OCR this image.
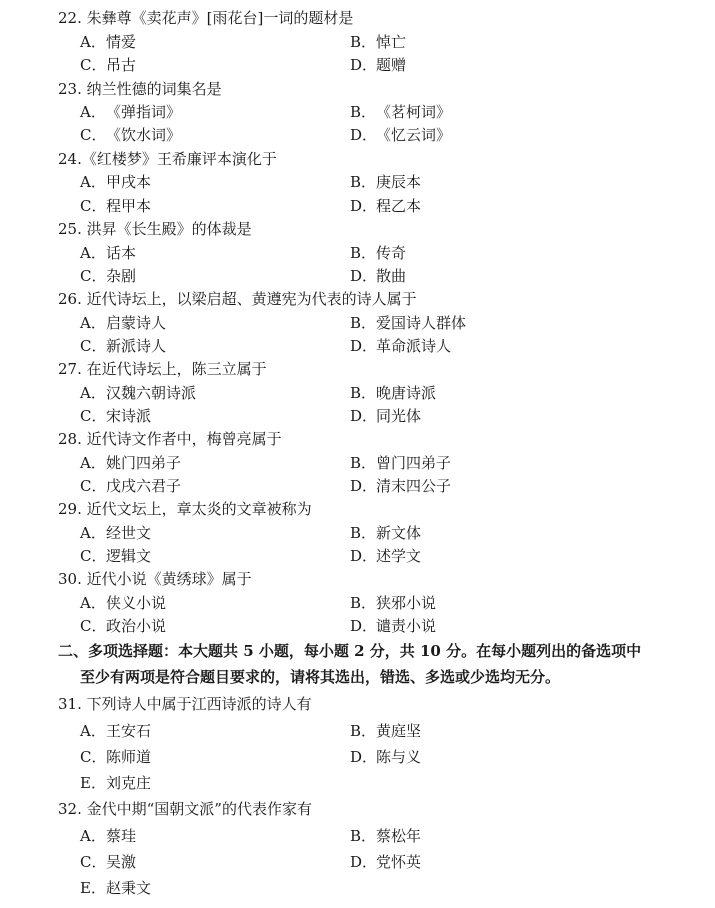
22. 朱彝尊《卖花声》[雨花台]一词的题材是
A．情爱	B．悼亡
C．吊古	D．题赠
23. 纳兰性德的词集名是
A．《弹指词》	B．《茗柯词》
C．《饮水词》	D．《忆云词》
24.《红楼梦》王希廉评本演化于
A．甲戌本	B．庚辰本
C．程甲本	D．程乙本
25. 洪昇《长生殿》的体裁是
A．话本	B．传奇
C．杂剧	D．散曲
26. 近代诗坛上，以梁启超、黄遵宪为代表的诗人属于
A．启蒙诗人	B．爱国诗人群体
C．新派诗人	D．革命派诗人
27. 在近代诗坛上，陈三立属于
A．汉魏六朝诗派	B．晚唐诗派
C．宋诗派	D．同光体
28. 近代诗文作者中，梅曾亮属于
A．姚门四弟子	B．曾门四弟子
C．戊戌六君子	D．清末四公子
29. 近代文坛上，章太炎的文章被称为
A．经世文	B．新文体
C．逻辑文	D．述学文
30. 近代小说《黄绣球》属于
A．侠义小说	B．狭邪小说
C．政治小说	D．谴责小说
二、多项选择题：本大题共 5 小题，每小题 2 分，共 10 分。在每小题列出的备选项中
至少有两项是符合题目要求的，请将其选出，错选、多选或少选均无分。
31. 下列诗人中属于江西诗派的诗人有
A．王安石	B．黄庭坚
C．陈师道	D．陈与义
E．刘克庄
32. 金代中期“国朝文派”的代表作家有
A．蔡珪	B．蔡松年
C．吴激	D．党怀英
E．赵秉文
